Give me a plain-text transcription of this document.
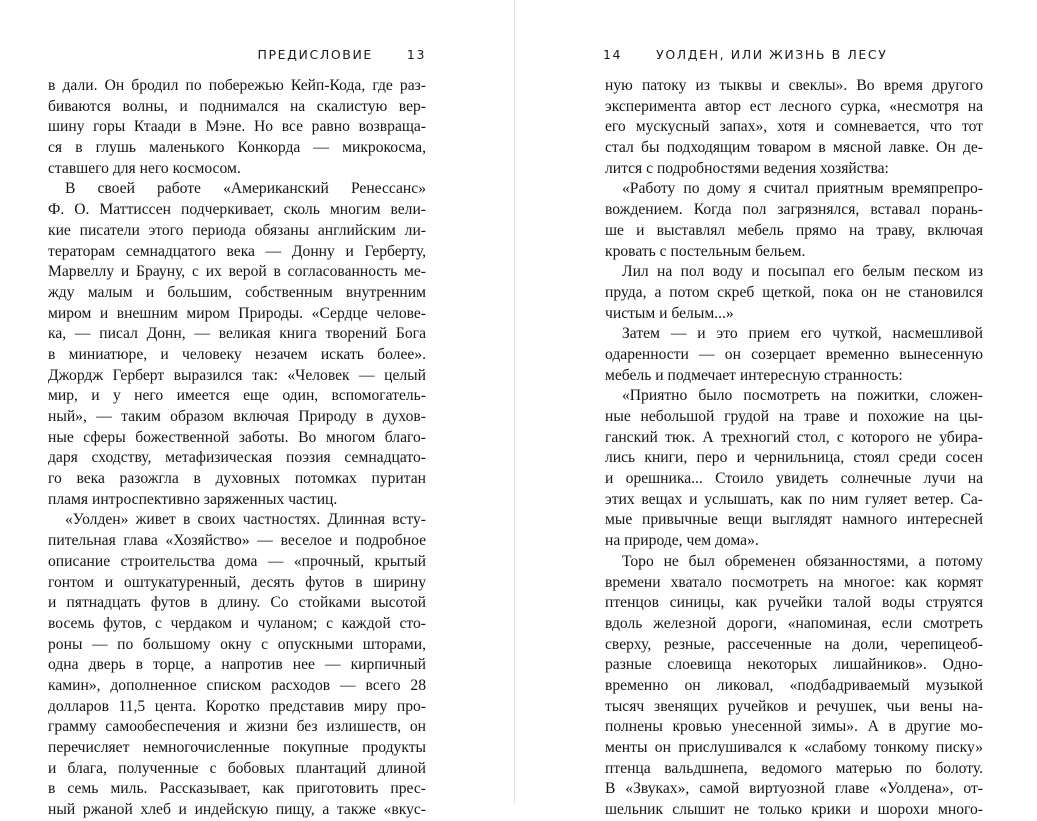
ПРЕДИСЛОВИЕ	13
в дали. Он бродил по побережью Кейп-Кода, где раз-
биваются волны, и поднимался на скалистую вер-
шину горы Ктаади в Мэне. Но все равно возвраща-
ся в глушь маленького Конкорда — микрокосма,
ставшего для него космосом.
В своей работе «Американский Ренессанс»
Ф. О. Маттиссен подчеркивает, сколь многим вели-
кие писатели этого периода обязаны английским ли-
тераторам семнадцатого века — Донну и Герберту,
Марвеллу и Брауну, с их верой в согласованность ме-
жду малым и большим, собственным внутренним
миром и внешним миром Природы. «Сердце челове-
ка, — писал Донн, — великая книга творений Бога
в миниатюре, и человеку незачем искать более».
Джордж Герберт выразился так: «Человек — целый
мир, и у него имеется еще один, вспомогатель-
ный», — таким образом включая Природу в духов-
ные сферы божественной заботы. Во многом благо-
даря сходству, метафизическая поэзия семнадцато-
го века разожгла в духовных потомках пуритан
пламя интроспективно заряженных частиц.
«Уолден» живет в своих частностях. Длинная всту-
пительная глава «Хозяйство» — веселое и подробное
описание строительства дома — «прочный, крытый
гонтом и оштукатуренный, десять футов в ширину
и пятнадцать футов в длину. Со стойками высотой
восемь футов, с чердаком и чуланом; с каждой сто-
роны — по большому окну с опускными шторами,
одна дверь в торце, а напротив нее — кирпичный
камин», дополненное списком расходов — всего 28
долларов 11,5 цента. Коротко представив миру про-
грамму самообеспечения и жизни без излишеств, он
перечисляет немногочисленные покупные продукты
и блага, полученные с бобовых плантаций длиной
в семь миль. Рассказывает, как приготовить прес-
ный ржаной хлеб и индейскую пищу, а также «вкус-
14	УОЛДЕН, ИЛИ ЖИЗНЬ В ЛЕСУ
ную патоку из тыквы и свеклы». Во время другого
эксперимента автор ест лесного сурка, «несмотря на
его мускусный запах», хотя и сомневается, что тот
стал бы подходящим товаром в мясной лавке. Он де-
лится с подробностями ведения хозяйства:
«Работу по дому я считал приятным времяпрепро-
вождением. Когда пол загрязнялся, вставал порань-
ше и выставлял мебель прямо на траву, включая
кровать с постельным бельем.
Лил на пол воду и посыпал его белым песком из
пруда, а потом скреб щеткой, пока он не становился
чистым и белым...»
Затем — и это прием его чуткой, насмешливой
одаренности — он созерцает временно вынесенную
мебель и подмечает интересную странность:
«Приятно было посмотреть на пожитки, сложен-
ные небольшой грудой на траве и похожие на цы-
ганский тюк. А трехногий стол, с которого не убира-
лись книги, перо и чернильница, стоял среди сосен
и орешника... Стоило увидеть солнечные лучи на
этих вещах и услышать, как по ним гуляет ветер. Са-
мые привычные вещи выглядят намного интересней
на природе, чем дома».
Торо не был обременен обязанностями, а потому
времени хватало посмотреть на многое: как кормят
птенцов синицы, как ручейки талой воды струятся
вдоль железной дороги, «напоминая, если смотреть
сверху, резные, рассеченные на доли, черепицеоб-
разные слоевища некоторых лишайников». Одно-
временно он ликовал, «подбадриваемый музыкой
тысяч звенящих ручейков и речушек, чьи вены на-
полнены кровью унесенной зимы». А в другие мо-
менты он прислушивался к «слабому тонкому писку»
птенца вальдшнепа, ведомого матерью по болоту.
В «Звуках», самой виртуозной главе «Уолдена», от-
шельник слышит не только крики и шорохи много-
